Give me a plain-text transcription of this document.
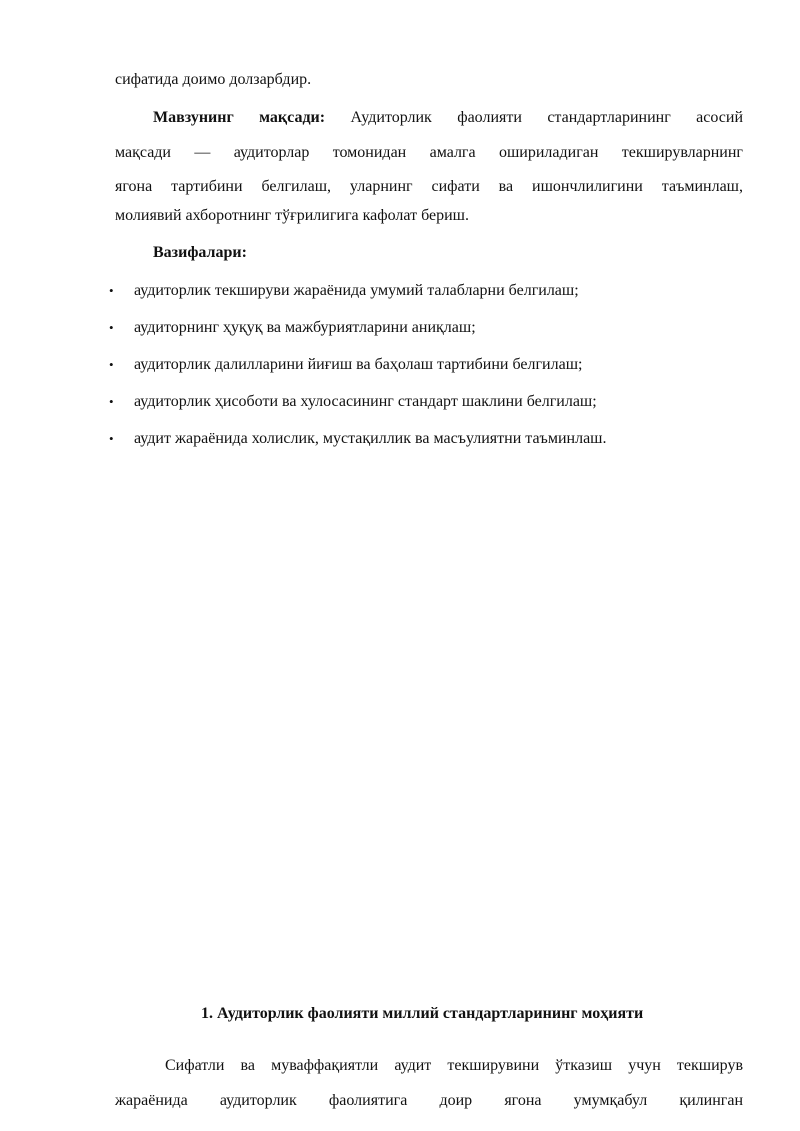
сифатида доимо долзарбдир.
Мавзунинг мақсади: Аудиторлик фаолияти стандартларининг асосий
мақсади — аудиторлар томонидан амалга ошириладиган текширувларнинг
ягона тартибини белгилаш, уларнинг сифати ва ишончлилигини таъминлаш,
молиявий ахборотнинг тўғрилигига кафолат бериш.
Вазифалари:
• аудиторлик текшируви жараёнида умумий талабларни белгилаш;
• аудиторнинг ҳуқуқ ва мажбуриятларини аниқлаш;
• аудиторлик далилларини йиғиш ва баҳолаш тартибини белгилаш;
• аудиторлик ҳисоботи ва хулосасининг стандарт шаклини белгилаш;
• аудит жараёнида холислик, мустақиллик ва масъулиятни таъминлаш.
1. Аудиторлик фаолияти миллий стандартларининг моҳияти
Сифатли ва муваффақиятли аудит текширувини ўтказиш учун текширув
жараёнида аудиторлик фаолиятига доир ягона умумқабул қилинган
